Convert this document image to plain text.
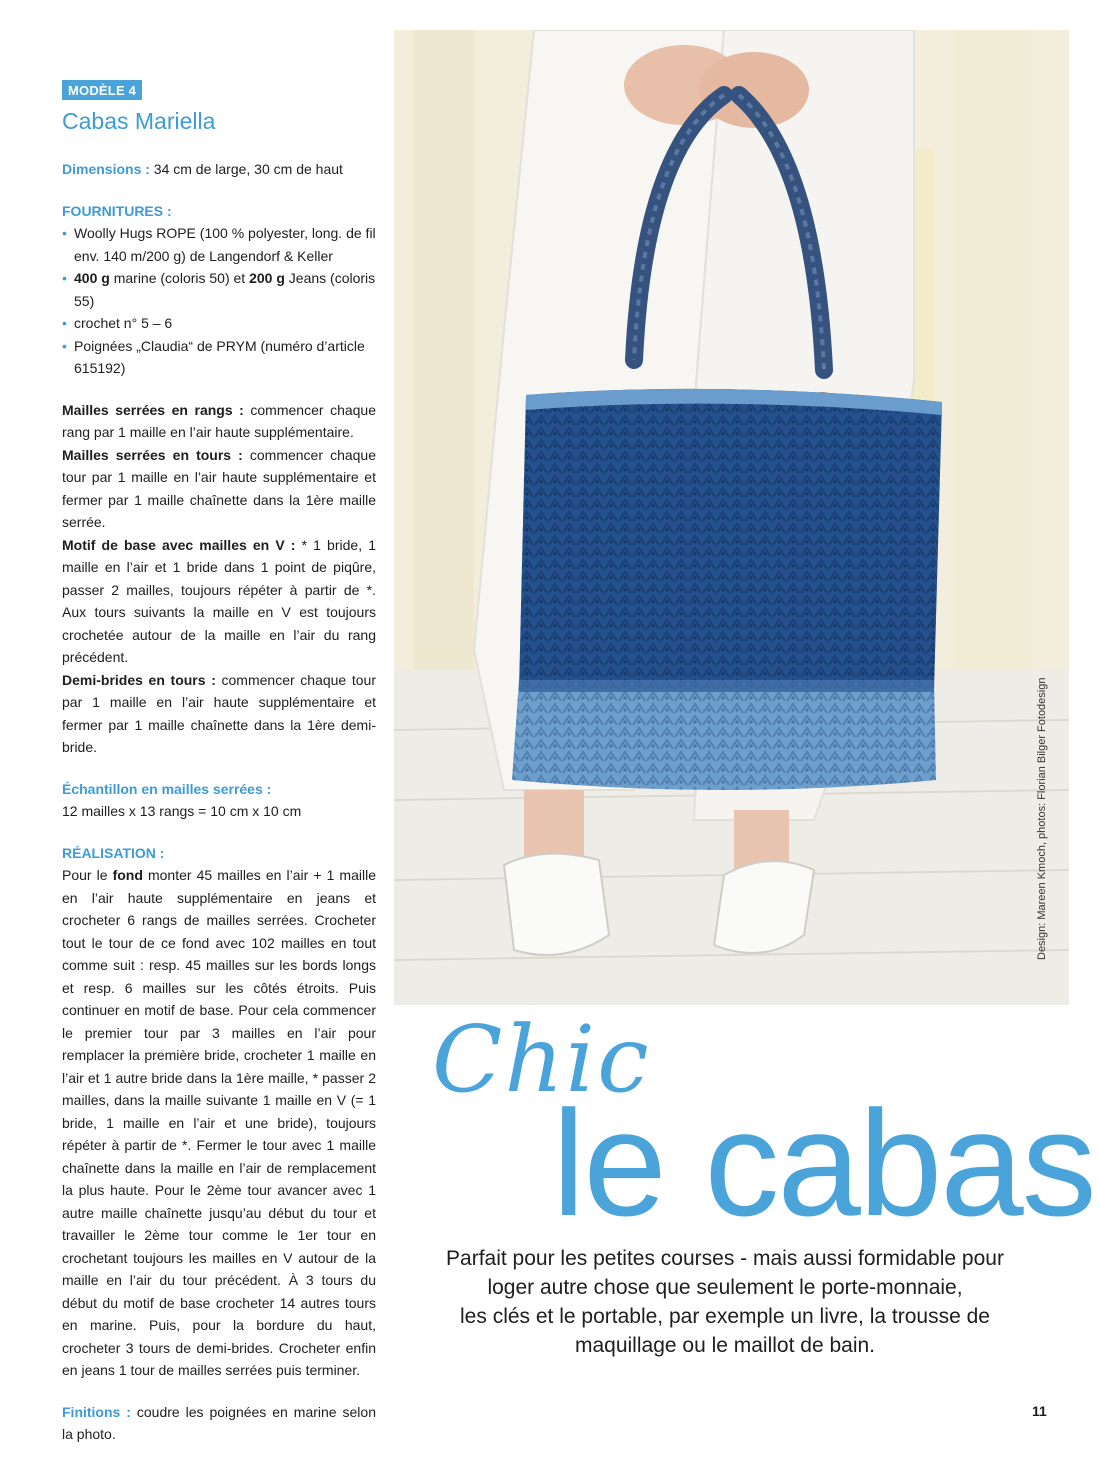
MODÈLE 4
Cabas Mariella

Dimensions : 34 cm de large, 30 cm de haut

FOURNITURES :
• Woolly Hugs ROPE (100 % polyester, long. de fil env. 140 m/200 g) de Langendorf & Keller
• 400 g marine (coloris 50) et 200 g Jeans (coloris 55)
• crochet n° 5 – 6
• Poignées „Claudia“ de PRYM (numéro d’article 615192)

Mailles serrées en rangs : commencer chaque rang par 1 maille en l’air haute supplémentaire.

Mailles serrées en tours : commencer chaque tour par 1 maille en l’air haute supplémentaire et fermer par 1 maille chaînette dans la 1ère maille serrée.

Motif de base avec mailles en V : * 1 bride, 1 maille en l’air et 1 bride dans 1 point de piqûre, passer 2 mailles, toujours répéter à partir de *. Aux tours suivants la maille en V est toujours crochetée autour de la maille en l’air du rang précédent.

Demi-brides en tours : commencer chaque tour par 1 maille en l’air haute supplémentaire et fermer par 1 maille chaînette dans la 1ère demi-bride.

Échantillon en mailles serrées :

12 mailles x 13 rangs = 10 cm x 10 cm

RÉALISATION :

Pour le fond monter 45 mailles en l’air + 1 maille en l’air haute supplémentaire en jeans et crocheter 6 rangs de mailles serrées. Crocheter tout le tour de ce fond avec 102 mailles en tout comme suit : resp. 45 mailles sur les bords longs et resp. 6 mailles sur les côtés étroits. Puis continuer en motif de base. Pour cela commencer le premier tour par 3 mailles en l’air pour remplacer la première bride, crocheter 1 maille en l’air et 1 autre bride dans la 1ère maille, * passer 2 mailles, dans la maille suivante 1 maille en V (= 1 bride, 1 maille en l’air et une bride), toujours répéter à partir de *. Fermer le tour avec 1 maille chaînette dans la maille en l’air de remplacement la plus haute. Pour le 2ème tour avancer avec 1 autre maille chaînette jusqu’au début du tour et travailler le 2ème tour comme le 1er tour en crochetant toujours les mailles en V autour de la maille en l’air du tour précédent. À 3 tours du début du motif de base crocheter 14 autres tours en marine. Puis, pour la bordure du haut, crocheter 3 tours de demi-brides. Crocheter enfin en jeans 1 tour de mailles serrées puis terminer.

Finitions : coudre les poignées en marine selon la photo.

Design: Mareen Kmoch, photos: Florian Bilger Fotodesign
Chic
le cabas
Parfait pour les petites courses - mais aussi formidable pour
loger autre chose que seulement le porte-monnaie,
les clés et le portable, par exemple un livre, la trousse de
maquillage ou le maillot de bain.
11
